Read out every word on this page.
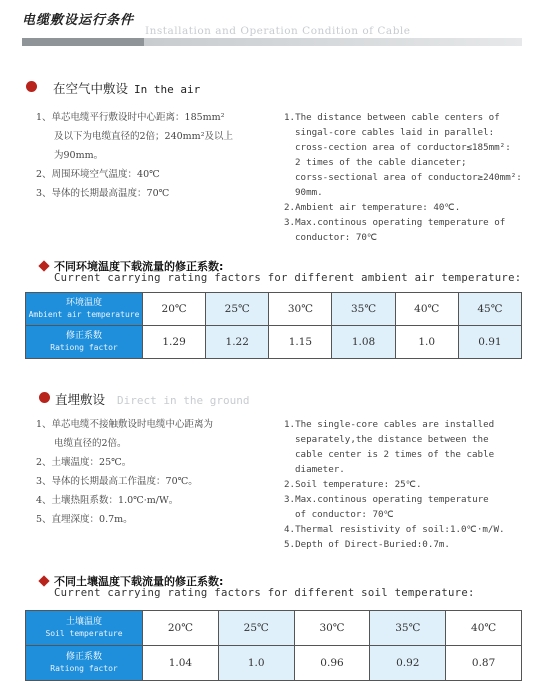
电缆敷设运行条件
Installation and Operation Condition of Cable
在空气中敷设 In the air
1、单芯电缆平行敷设时中心距离：185mm²
及以下为电缆直径的2倍；240mm²及以上
为90mm。
2、周围环境空气温度：40℃
3、导体的长期最高温度：70℃
1.The distance between cable centers of
singal-core cables laid in parallel:
cross-cection area of corductor≤185mm²:
2 times of the cable dianceter;
corss-sectional area of conductor≥240mm²:
90mm.
2.Ambient air temperature: 40℃.
3.Max.continous operating temperature of
conductor: 70℃
不同环境温度下载流量的修正系数:
Current carrying rating factors for different ambient air temperature:
环境温度
Ambient air temperature	20℃	25℃	30℃	35℃	40℃	45℃

修正系数
Rationg factor	1.29	1.22	1.15	1.08	1.0	0.91
直埋敷设 Direct in the ground
1、单芯电缆不接触敷设时电缆中心距离为
电缆直径的2倍。
2、土壤温度：25℃。
3、导体的长期最高工作温度：70℃。
4、土壤热阻系数：1.0℃·m/W。
5、直埋深度：0.7m。
1.The single-core cables are installed
separately,the distance between the
cable center is 2 times of the cable
diameter.
2.Soil temperature: 25℃.
3.Max.continous operating temperature
of conductor: 70℃
4.Thermal resistivity of soil:1.0℃·m/W.
5.Depth of Direct-Buried:0.7m.
不同土壤温度下载流量的修正系数:
Current carrying rating factors for different soil temperature:
土壤温度
Soil temperature	20℃	25℃	30℃	35℃	40℃

修正系数
Rationg factor	1.04	1.0	0.96	0.92	0.87
